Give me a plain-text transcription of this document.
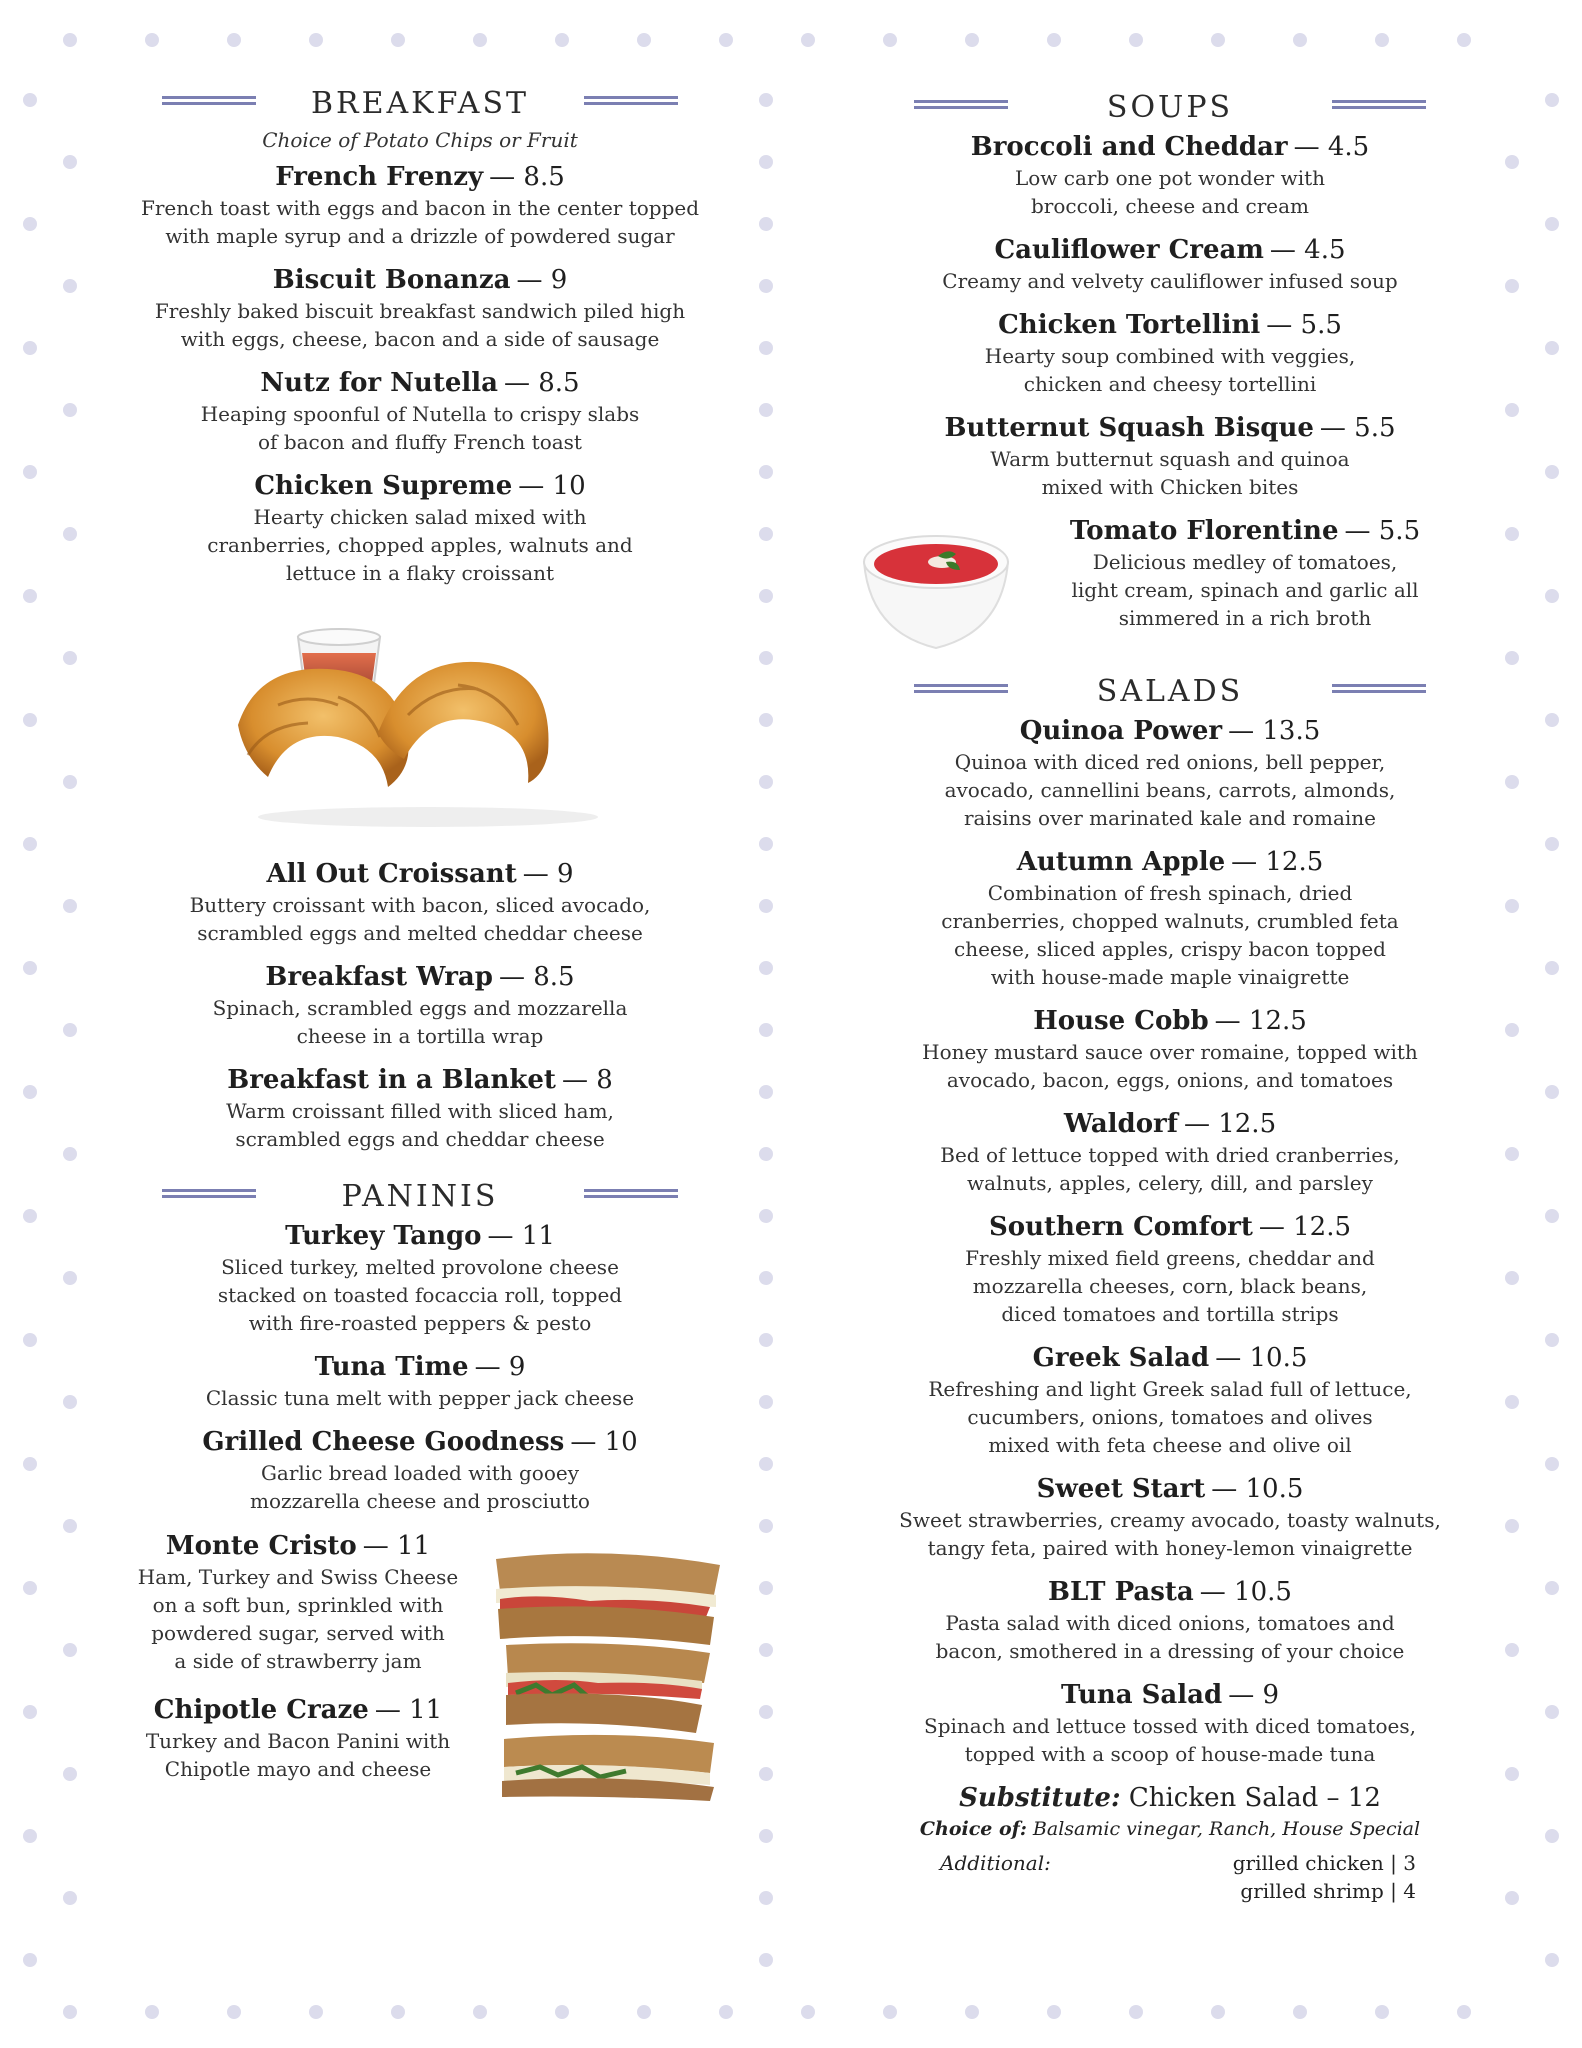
BREAKFAST
Choice of Potato Chips or Fruit
French Frenzy — 8.5
French toast with eggs and bacon in the center topped
with maple syrup and a drizzle of powdered sugar
Biscuit Bonanza — 9
Freshly baked biscuit breakfast sandwich piled high
with eggs, cheese, bacon and a side of sausage
Nutz for Nutella — 8.5
Heaping spoonful of Nutella to crispy slabs
of bacon and fluffy French toast
Chicken Supreme — 10
Hearty chicken salad mixed with
cranberries, chopped apples, walnuts and
lettuce in a flaky croissant
All Out Croissant — 9
Buttery croissant with bacon, sliced avocado,
scrambled eggs and melted cheddar cheese
Breakfast Wrap — 8.5
Spinach, scrambled eggs and mozzarella
cheese in a tortilla wrap
Breakfast in a Blanket — 8
Warm croissant filled with sliced ham,
scrambled eggs and cheddar cheese
PANINIS
Turkey Tango — 11
Sliced turkey, melted provolone cheese
stacked on toasted focaccia roll, topped
with fire-roasted peppers & pesto
Tuna Time — 9
Classic tuna melt with pepper jack cheese
Grilled Cheese Goodness — 10
Garlic bread loaded with gooey
mozzarella cheese and prosciutto
Monte Cristo — 11
Ham, Turkey and Swiss Cheese
on a soft bun, sprinkled with
powdered sugar, served with
a side of strawberry jam
Chipotle Craze — 11
Turkey and Bacon Panini with
Chipotle mayo and cheese
SOUPS
Broccoli and Cheddar — 4.5
Low carb one pot wonder with
broccoli, cheese and cream
Cauliflower Cream — 4.5
Creamy and velvety cauliflower infused soup
Chicken Tortellini — 5.5
Hearty soup combined with veggies,
chicken and cheesy tortellini
Butternut Squash Bisque — 5.5
Warm butternut squash and quinoa
mixed with Chicken bites
Tomato Florentine — 5.5
Delicious medley of tomatoes,
light cream, spinach and garlic all
simmered in a rich broth
SALADS
Quinoa Power — 13.5
Quinoa with diced red onions, bell pepper,
avocado, cannellini beans, carrots, almonds,
raisins over marinated kale and romaine
Autumn Apple — 12.5
Combination of fresh spinach, dried
cranberries, chopped walnuts, crumbled feta
cheese, sliced apples, crispy bacon topped
with house-made maple vinaigrette
House Cobb — 12.5
Honey mustard sauce over romaine, topped with
avocado, bacon, eggs, onions, and tomatoes
Waldorf — 12.5
Bed of lettuce topped with dried cranberries,
walnuts, apples, celery, dill, and parsley
Southern Comfort — 12.5
Freshly mixed field greens, cheddar and
mozzarella cheeses, corn, black beans,
diced tomatoes and tortilla strips
Greek Salad — 10.5
Refreshing and light Greek salad full of lettuce,
cucumbers, onions, tomatoes and olives
mixed with feta cheese and olive oil
Sweet Start — 10.5
Sweet strawberries, creamy avocado, toasty walnuts,
tangy feta, paired with honey-lemon vinaigrette
BLT Pasta — 10.5
Pasta salad with diced onions, tomatoes and
bacon, smothered in a dressing of your choice
Tuna Salad — 9
Spinach and lettuce tossed with diced tomatoes,
topped with a scoop of house-made tuna
Substitute: Chicken Salad – 12
Choice of: Balsamic vinegar, Ranch, House Special
Additional:	grilled chicken | 3
grilled shrimp | 4
